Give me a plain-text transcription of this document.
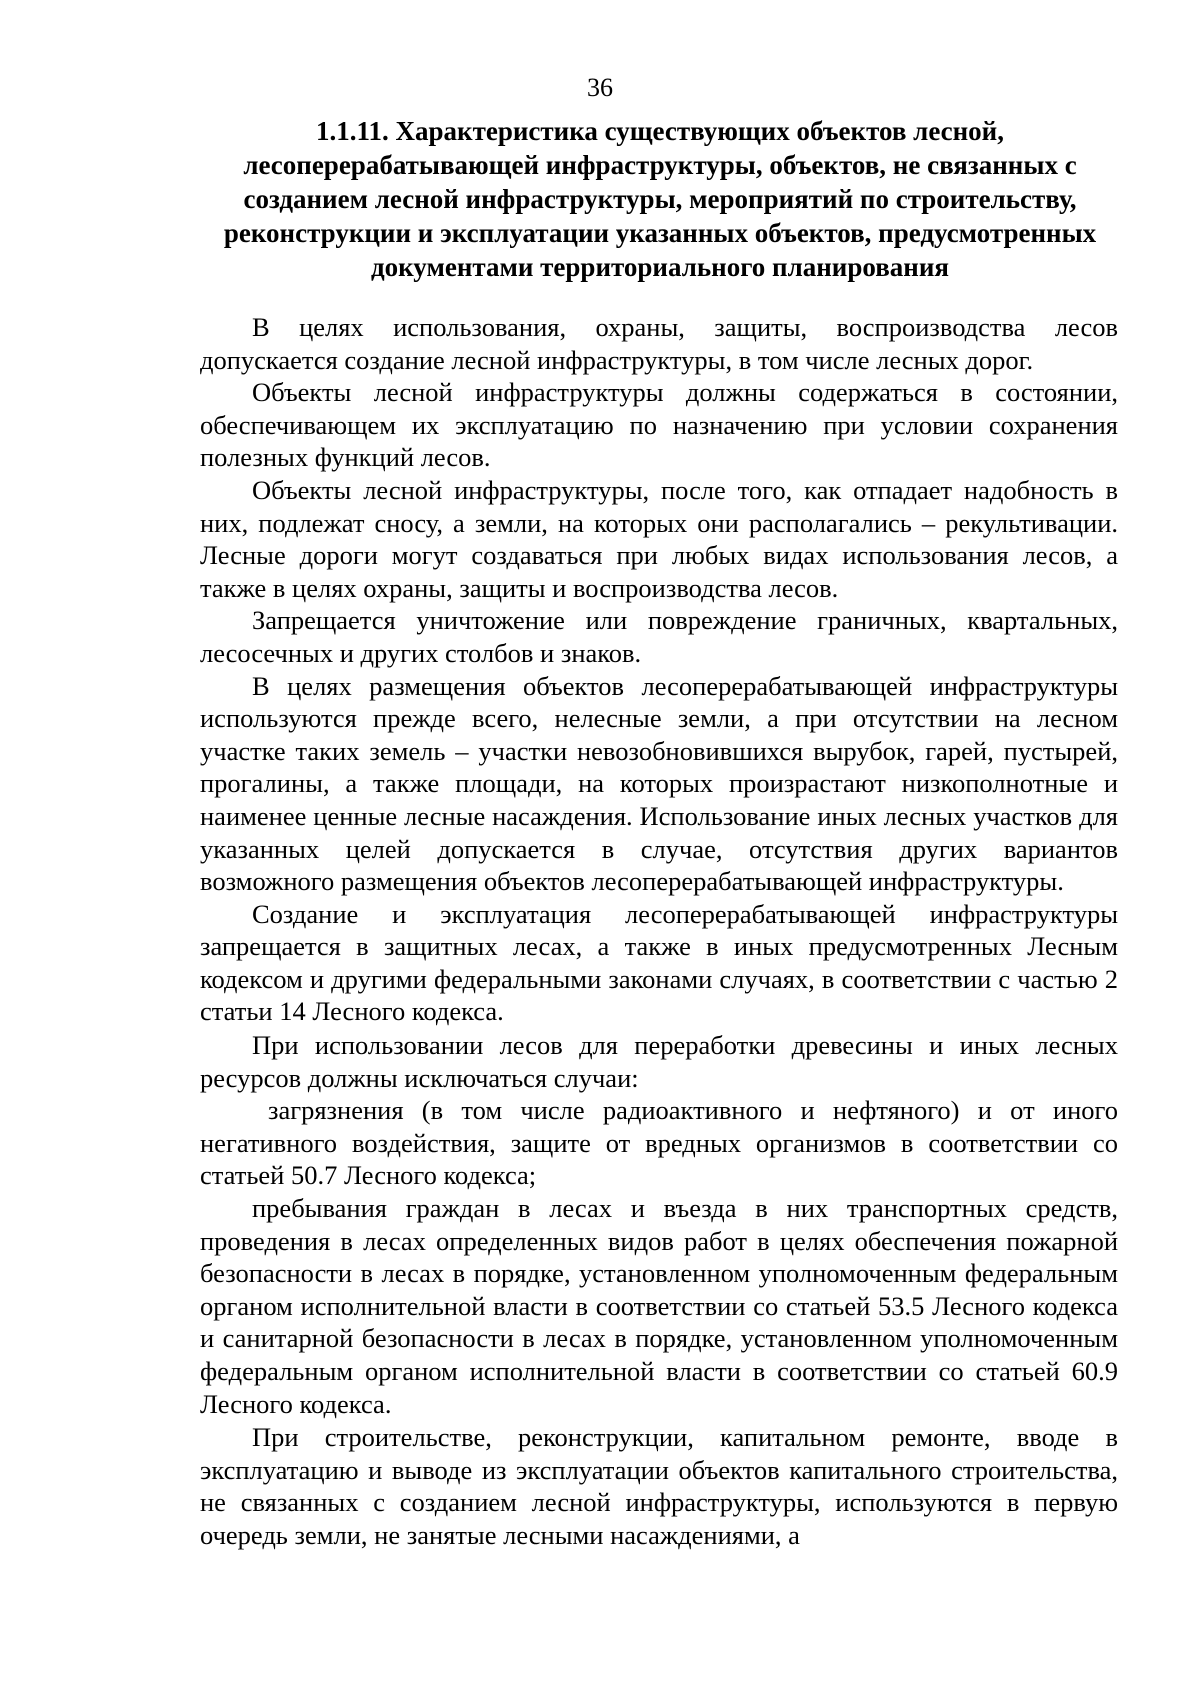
36
1.1.11. Характеристика существующих объектов лесной, лесоперерабатывающей инфраструктуры, объектов, не связанных с созданием лесной инфраструктуры, мероприятий по строительству, реконструкции и эксплуатации указанных объектов, предусмотренных документами территориального планирования

В целях использования, охраны, защиты, воспроизводства лесов допускается создание лесной инфраструктуры, в том числе лесных дорог.

Объекты лесной инфраструктуры должны содержаться в состоянии, обеспечивающем их эксплуатацию по назначению при условии сохранения полезных функций лесов.

Объекты лесной инфраструктуры, после того, как отпадает надобность в них, подлежат сносу, а земли, на которых они располагались – рекультивации. Лесные дороги могут создаваться при любых видах использования лесов, а также в целях охраны, защиты и воспроизводства лесов.

Запрещается уничтожение или повреждение граничных, квартальных, лесосечных и других столбов и знаков.

В целях размещения объектов лесоперерабатывающей инфраструктуры используются прежде всего, нелесные земли, а при отсутствии на лесном участке таких земель – участки невозобновившихся вырубок, гарей, пустырей, прогалины, а также площади, на которых произрастают низкополнотные и наименее ценные лесные насаждения. Использование иных лесных участков для указанных целей допускается в случае, отсутствия других вариантов возможного размещения объектов лесоперерабатывающей инфраструктуры.

Создание и эксплуатация лесоперерабатывающей инфраструктуры запрещается в защитных лесах, а также в иных предусмотренных Лесным кодексом и другими федеральными законами случаях, в соответствии с частью 2 статьи 14 Лесного кодекса.

При использовании лесов для переработки древесины и иных лесных ресурсов должны исключаться случаи:

загрязнения (в том числе радиоактивного и нефтяного) и от иного негативного воздействия, защите от вредных организмов в соответствии со статьей 50.7 Лесного кодекса;

пребывания граждан в лесах и въезда в них транспортных средств, проведения в лесах определенных видов работ в целях обеспечения пожарной безопасности в лесах в порядке, установленном уполномоченным федеральным органом исполнительной власти в соответствии со статьей 53.5 Лесного кодекса и санитарной безопасности в лесах в порядке, установленном уполномоченным федеральным органом исполнительной власти в соответствии со статьей 60.9 Лесного кодекса.

При строительстве, реконструкции, капитальном ремонте, вводе в эксплуатацию и выводе из эксплуатации объектов капитального строительства, не связанных с созданием лесной инфраструктуры, используются в первую очередь земли, не занятые лесными насаждениями, а
